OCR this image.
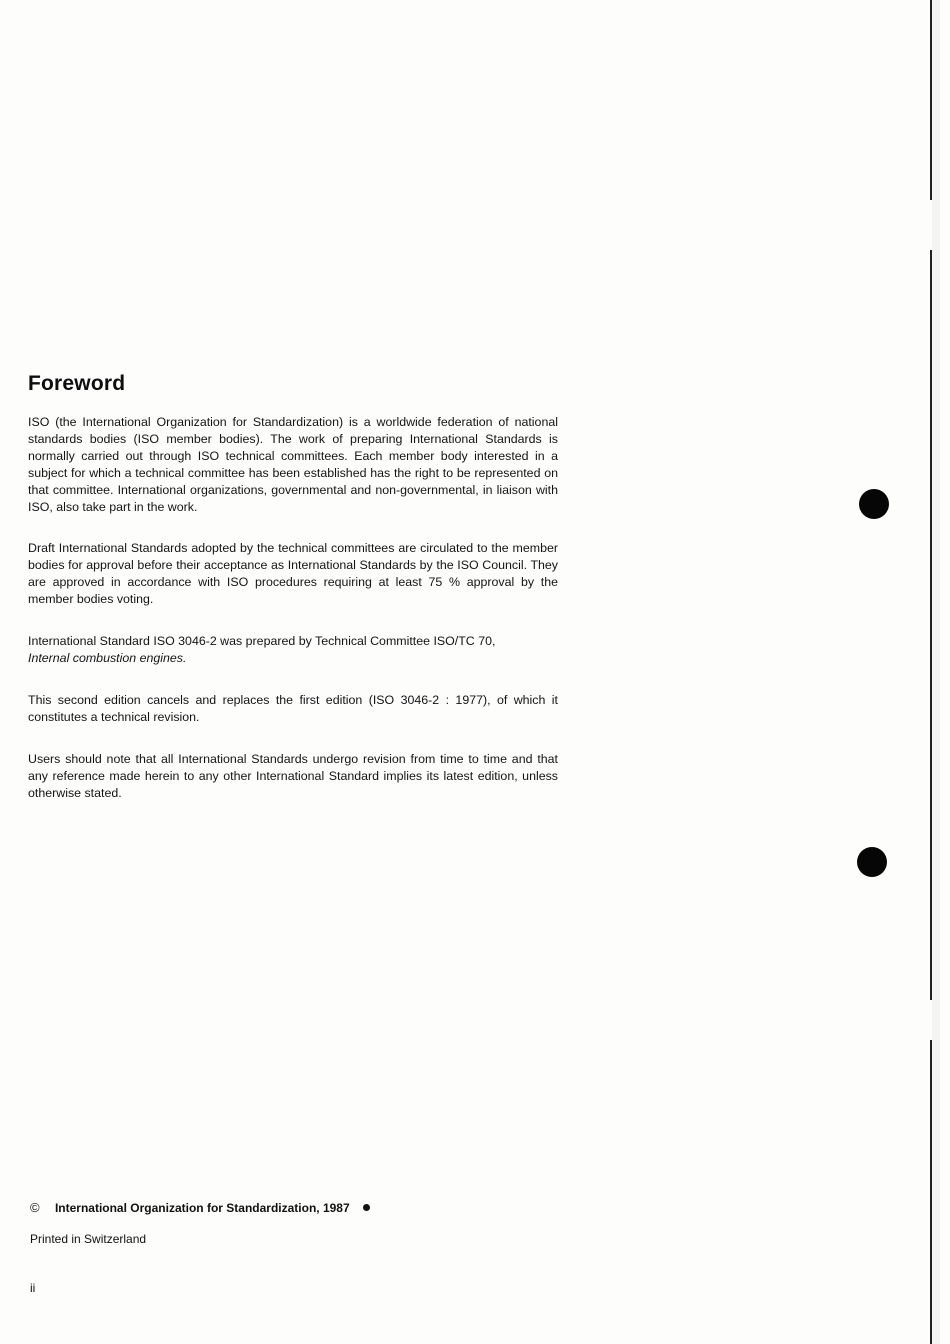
Foreword

ISO (the International Organization for Standardization) is a worldwide federation of national standards bodies (ISO member bodies). The work of preparing International Standards is normally carried out through ISO technical committees. Each member body interested in a subject for which a technical committee has been established has the right to be represented on that committee. International organizations, governmental and non-governmental, in liaison with ISO, also take part in the work.

Draft International Standards adopted by the technical committees are circulated to the member bodies for approval before their acceptance as International Standards by the ISO Council. They are approved in accordance with ISO procedures requiring at least 75 % approval by the member bodies voting.

International Standard ISO 3046-2 was prepared by Technical Committee ISO/TC 70,
Internal combustion engines.

This second edition cancels and replaces the first edition (ISO 3046-2 : 1977), of which it constitutes a technical revision.

Users should note that all International Standards undergo revision from time to time and that any reference made herein to any other International Standard implies its latest edition, unless otherwise stated.

© International Organization for Standardization, 1987
Printed in Switzerland
ii
